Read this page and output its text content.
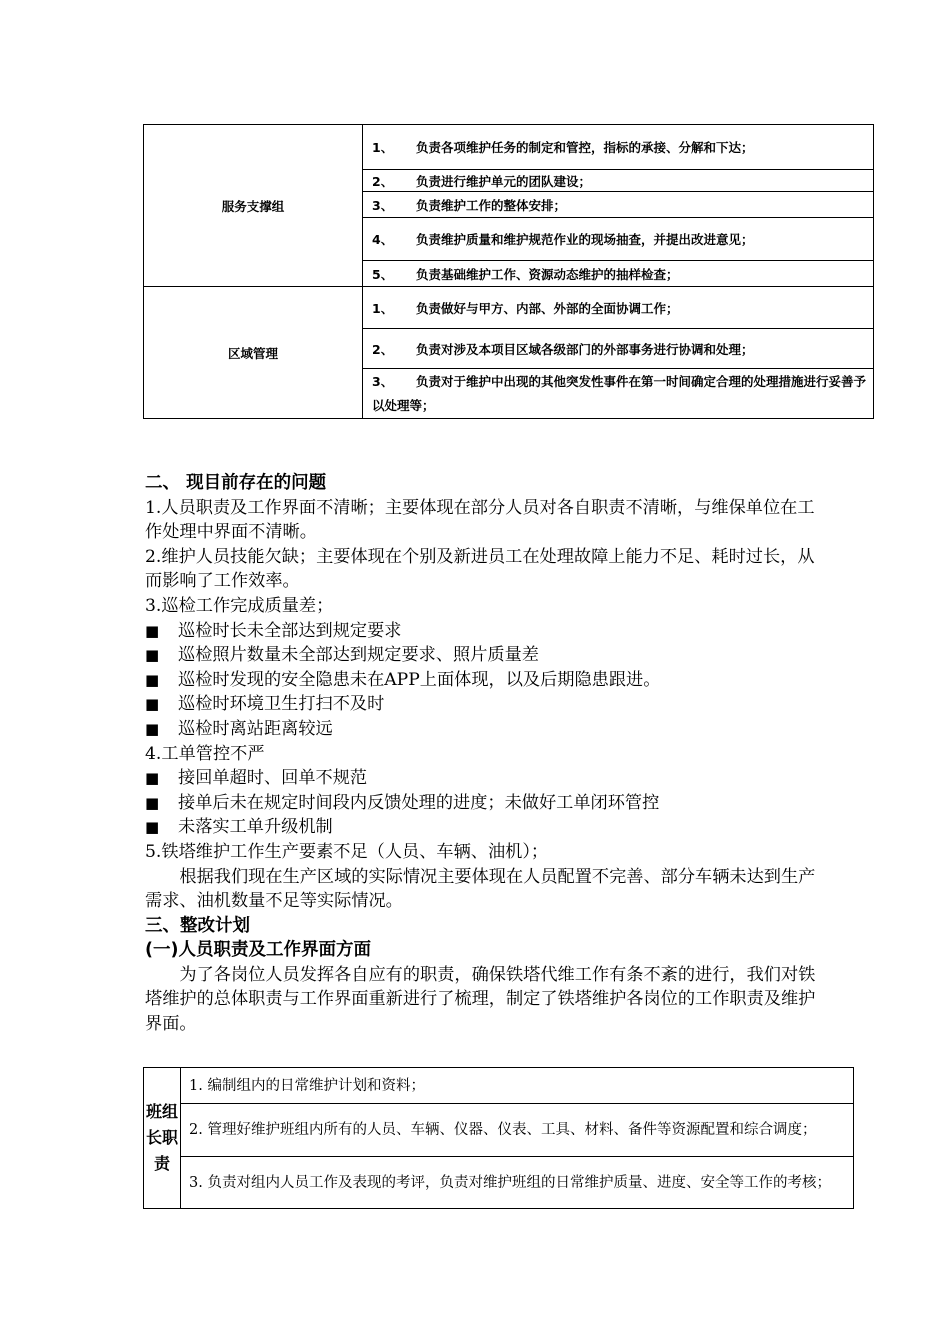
服务支撑组	1、 负责各项维护任务的制定和管控，指标的承接、分解和下达；
	2、 负责进行维护单元的团队建设；
	3、 负责维护工作的整体安排；
	4、 负责维护质量和维护规范作业的现场抽查，并提出改进意见；
	5、 负责基础维护工作、资源动态维护的抽样检查；
区域管理	1、 负责做好与甲方、内部、外部的全面协调工作；
	2、 负责对涉及本项目区域各级部门的外部事务进行协调和处理；
	3、 负责对于维护中出现的其他突发性事件在第一时间确定合理的处理措施进行妥善予以处理等；

二、 现目前存在的问题

1.人员职责及工作界面不清晰；主要体现在部分人员对各自职责不清晰，与维保单位在工作处理中界面不清晰。

2.维护人员技能欠缺；主要体现在个别及新进员工在处理故障上能力不足、耗时过长，从而影响了工作效率。

3.巡检工作完成质量差；

■	巡检时长未全部达到规定要求
■	巡检照片数量未全部达到规定要求、照片质量差
■	巡检时发现的安全隐患未在APP上面体现，以及后期隐患跟进。
■	巡检时环境卫生打扫不及时
■	巡检时离站距离较远

4.工单管控不严

■	接回单超时、回单不规范
■	接单后未在规定时间段内反馈处理的进度；未做好工单闭环管控
■	未落实工单升级机制

5.铁塔维护工作生产要素不足（人员、车辆、油机）；

根据我们现在生产区域的实际情况主要体现在人员配置不完善、部分车辆未达到生产需求、油机数量不足等实际情况。

三、整改计划

(一)人员职责及工作界面方面

为了各岗位人员发挥各自应有的职责，确保铁塔代维工作有条不紊的进行，我们对铁塔维护的总体职责与工作界面重新进行了梳理，制定了铁塔维护各岗位的工作职责及维护界面。

班组长职责	1. 编制组内的日常维护计划和资料；
2. 管理好维护班组内所有的人员、车辆、仪器、仪表、工具、材料、备件等资源配置和综合调度；
3. 负责对组内人员工作及表现的考评，负责对维护班组的日常维护质量、进度、安全等工作的考核；
